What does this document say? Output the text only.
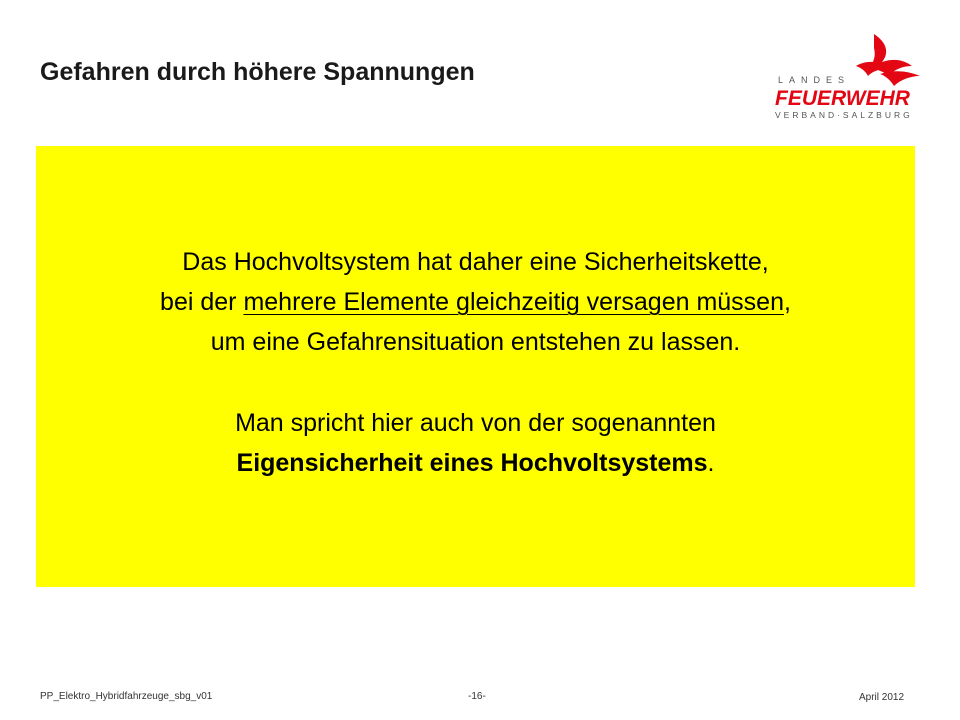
Gefahren durch höhere Spannungen	LANDES
FEUERWEHR
VERBAND·SALZBURG

Das Hochvoltsystem hat daher eine Sicherheitskette,

bei der mehrere Elemente gleichzeitig versagen müssen,

um eine Gefahrensituation entstehen zu lassen.

Man spricht hier auch von der sogenannten

Eigensicherheit eines Hochvoltsystems.

PP_Elektro_Hybridfahrzeuge_sbg_v01	-16-	April 2012
